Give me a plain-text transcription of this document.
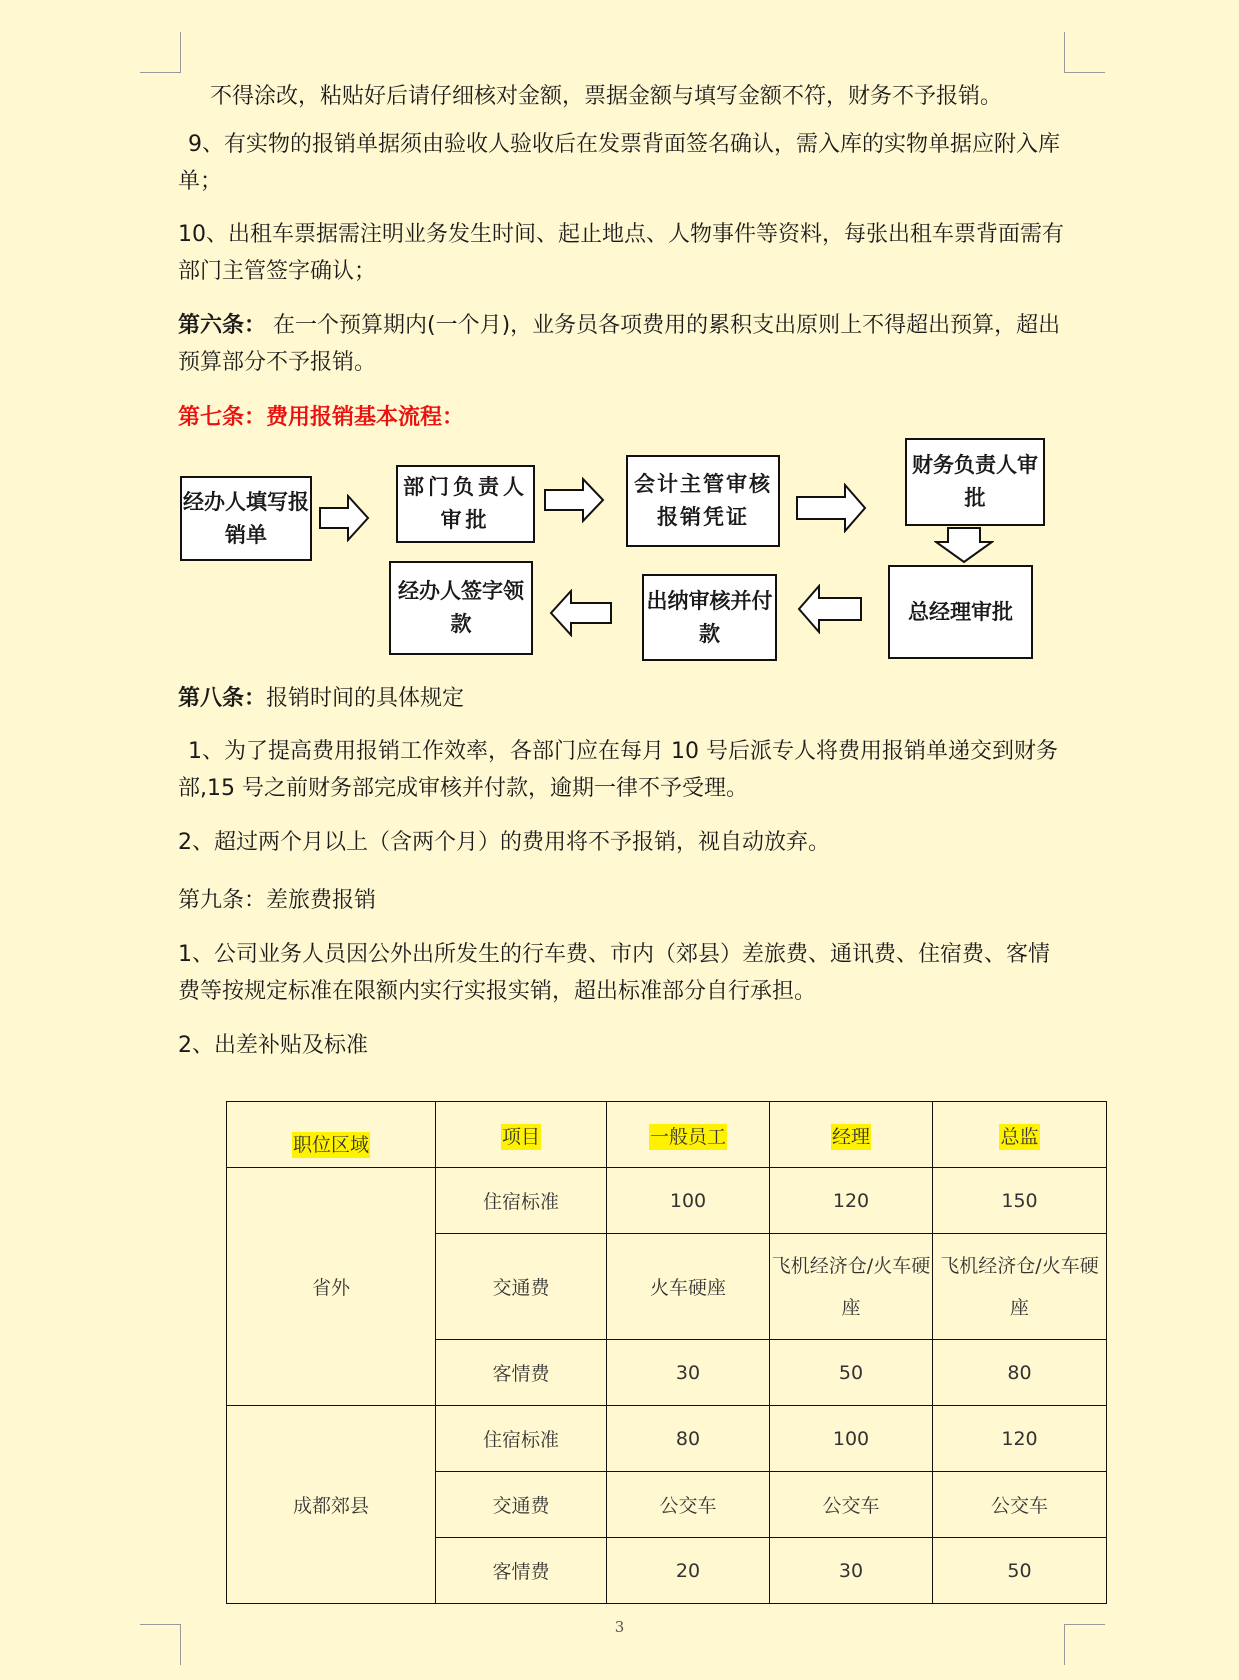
不得涂改，粘贴好后请仔细核对金额，票据金额与填写金额不符，财务不予报销。
9、有实物的报销单据须由验收人验收后在发票背面签名确认，需入库的实物单据应附入库单；
10、出租车票据需注明业务发生时间、起止地点、人物事件等资料，每张出租车票背面需有部门主管签字确认；
第六条： 在一个预算期内(一个月)，业务员各项费用的累积支出原则上不得超出预算，超出预算部分不予报销。
第七条：费用报销基本流程：
经办人填写报销单
部门负责人审批
会计主管审核报销凭证
财务负责人审批
总经理审批
出纳审核并付款
经办人签字领款
第八条：报销时间的具体规定
1、为了提高费用报销工作效率，各部门应在每月 10 号后派专人将费用报销单递交到财务部,15 号之前财务部完成审核并付款，逾期一律不予受理。
2、超过两个月以上（含两个月）的费用将不予报销，视自动放弃。
第九条：差旅费报销
1、公司业务人员因公外出所发生的行车费、市内（郊县）差旅费、通讯费、住宿费、客情费等按规定标准在限额内实行实报实销，超出标准部分自行承担。
2、出差补贴及标准
职位区域	项目	一般员工	经理	总监
省外	住宿标准	100	120	150
	交通费	火车硬座	飞机经济仓/火车硬座	飞机经济仓/火车硬座
	客情费	30	50	80
成都郊县	住宿标准	80	100	120
	交通费	公交车	公交车	公交车
	客情费	20	30	50
3
